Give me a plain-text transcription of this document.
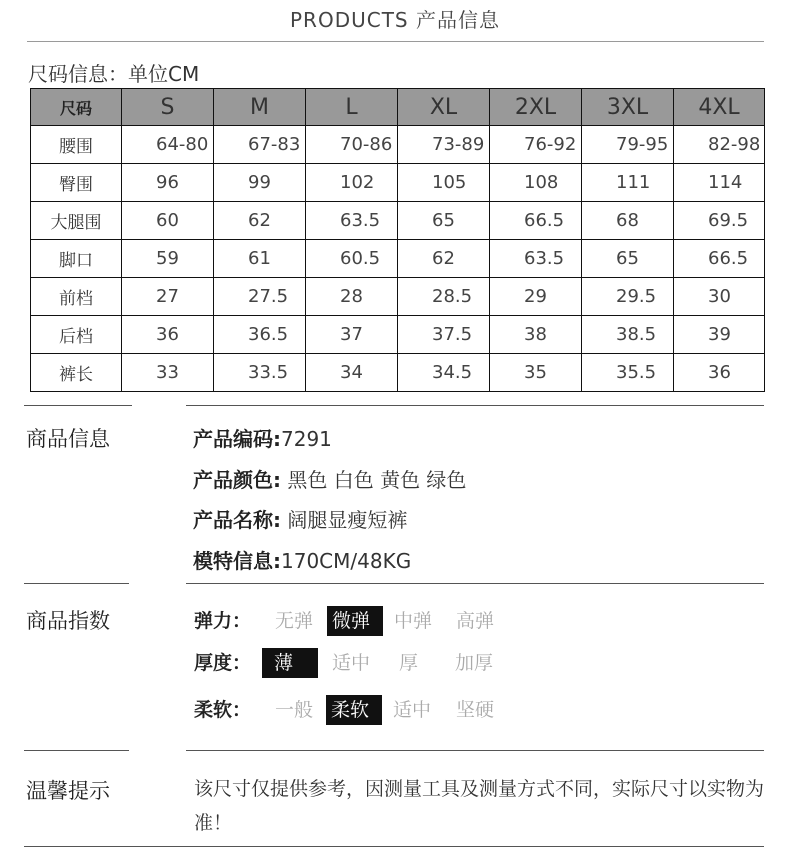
PRODUCTS 产品信息
尺码信息：单位CM
尺码	S	M	L	XL	2XL	3XL	4XL
腰围	64-80	67-83	70-86	73-89	76-92	79-95	82-98
臀围	96	99	102	105	108	111	114
大腿围	60	62	63.5	65	66.5	68	69.5
脚口	59	61	60.5	62	63.5	65	66.5
前档	27	27.5	28	28.5	29	29.5	30
后档	36	36.5	37	37.5	38	38.5	39
裤长	33	33.5	34	34.5	35	35.5	36
商品信息	产品编码:7291
产品颜色: 黑色 白色 黄色 绿色
产品名称: 阔腿显瘦短裤
模特信息:170CM/48KG
商品指数	弹力： 无弹 微弹	中弹	高弹
厚度：	薄	适中	厚	加厚
柔软： 一般 柔软	适中	坚硬
温馨提示	该尺寸仅提供参考，因测量工具及测量方式不同，实际尺寸以实物为准！
